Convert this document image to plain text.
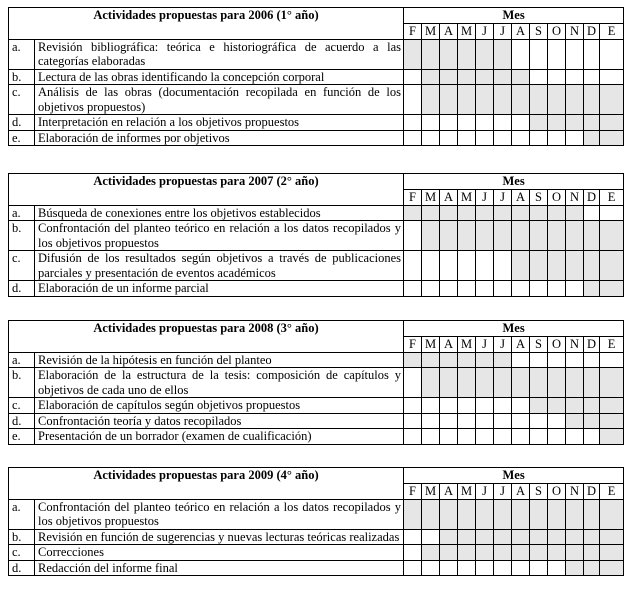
Actividades propuestas para 2006 (1° año)		Mes											
		F	M	A	M	J	J	A	S	O	N	D	E
a.	Revisión bibliográfica: teórica e historiográfica de acuerdo a las categorías elaboradas												
b.	Lectura de las obras identificando la concepción corporal												
c.	Análisis de las obras (documentación recopilada en función de los objetivos propuestos)												
d.	Interpretación en relación a los objetivos propuestos												
e.	Elaboración de informes por objetivos												
Actividades propuestas para 2007 (2° año)		Mes											
		F	M	A	M	J	J	A	S	O	N	D	E
a.	Búsqueda de conexiones entre los objetivos establecidos												
b.	Confrontación del planteo teórico en relación a los datos recopilados y los objetivos propuestos												
c.	Difusión de los resultados según objetivos a través de publicaciones parciales y presentación de eventos académicos												
d.	Elaboración de un informe parcial												
Actividades propuestas para 2008 (3° año)		Mes											
		F	M	A	M	J	J	A	S	O	N	D	E
a.	Revisión de la hipótesis en función del planteo												
b.	Elaboración de la estructura de la tesis: composición de capítulos y objetivos de cada uno de ellos												
c.	Elaboración de capítulos según objetivos propuestos												
d.	Confrontación teoría y datos recopilados												
e.	Presentación de un borrador (examen de cualificación)												
Actividades propuestas para 2009 (4° año)		Mes											
		F	M	A	M	J	J	A	S	O	N	D	E
a.	Confrontación del planteo teórico en relación a los datos recopilados y los objetivos propuestos												
b.	Revisión en función de sugerencias y nuevas lecturas teóricas realizadas												
c.	Correcciones												
d.	Redacción del informe final												
